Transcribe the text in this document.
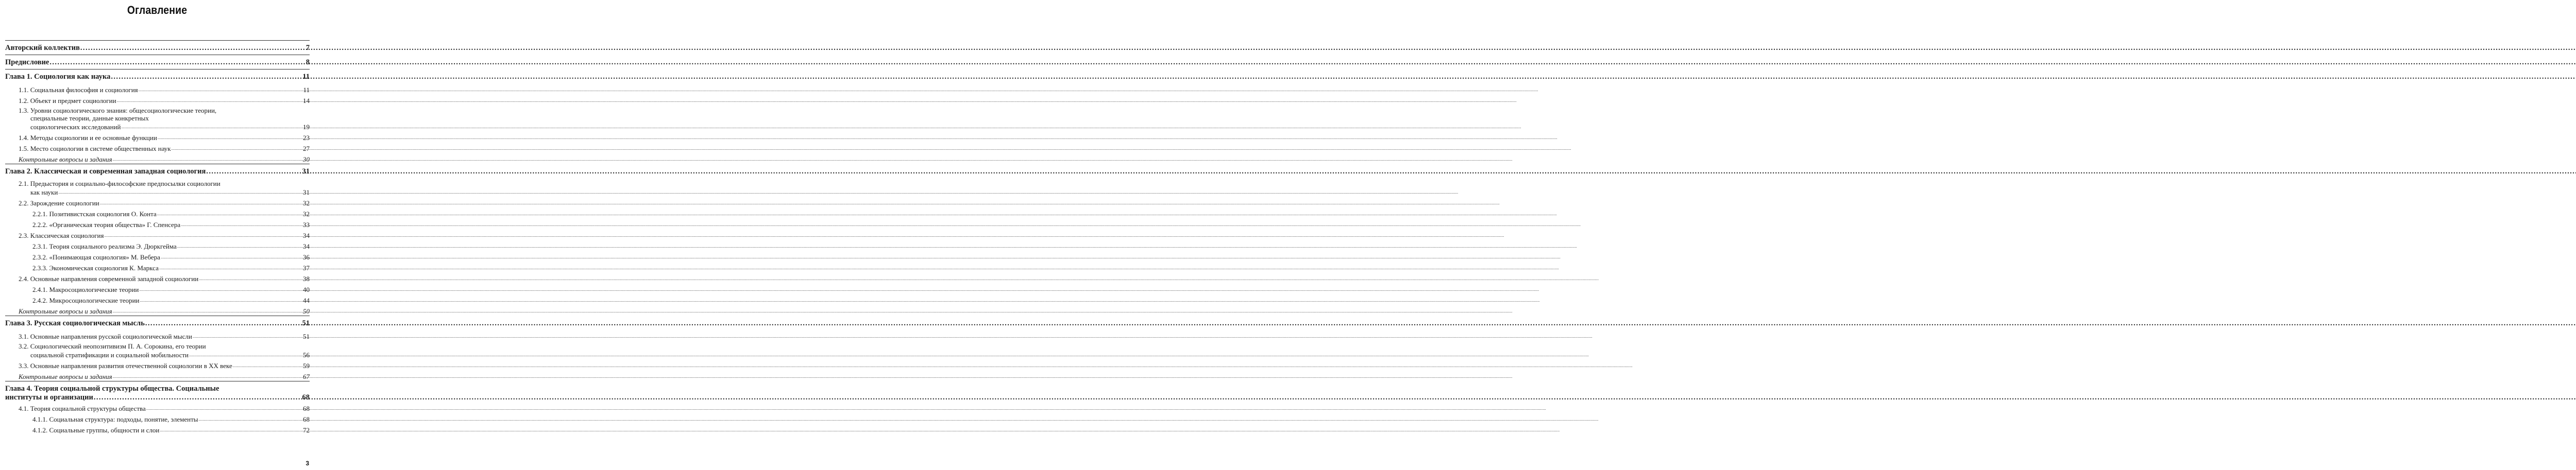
Оглавление
Авторский коллектив .....	7
Предисловие .....	8
Глава 1. Социология как наука .....	11
1.1. Социальная философия и социология .....	11
1.2. Объект и предмет социологии .....	14
1.3. Уровни социологического знания: общесоциологические теории,
специальные теории, данные конкретных
социологических исследований .....	19
1.4. Методы социологии и ее основные функции .....	23
1.5. Место социологии в системе общественных наук .....	27
Контрольные вопросы и задания .....	30
Глава 2. Классическая и современная западная социология .....	31
2.1. Предыстория и социально-философские предпосылки социологии
как науки .....	31
2.2. Зарождение социологии .....	32
2.2.1. Позитивистская социология О. Конта .....	32
2.2.2. «Органическая теория общества» Г. Спенсера .....	33
2.3. Классическая социология .....	34
2.3.1. Теория социального реализма Э. Дюркгейма .....	34
2.3.2. «Понимающая социология» М. Вебера .....	36
2.3.3. Экономическая социология К. Маркса .....	37
2.4. Основные направления современной западной социологии .....	38
2.4.1. Макросоциологические теории .....	40
2.4.2. Микросоциологические теории .....	44
Контрольные вопросы и задания .....	50
Глава 3. Русская социологическая мысль .....	51
3.1. Основные направления русской социологической мысли .....	51
3.2. Социологический неопозитивизм П. А. Сорокина, его теории
социальной стратификации и социальной мобильности .....	56
3.3. Основные направления развития отечественной социологии в XX веке .....	59
Контрольные вопросы и задания .....	67
Глава 4. Теория социальной структуры общества. Социальные
институты и организации .....	68
4.1. Теория социальной структуры общества .....	68
4.1.1. Социальная структура: подходы, понятие, элементы .....	68
4.1.2. Социальные группы, общности и слои .....	72
3
